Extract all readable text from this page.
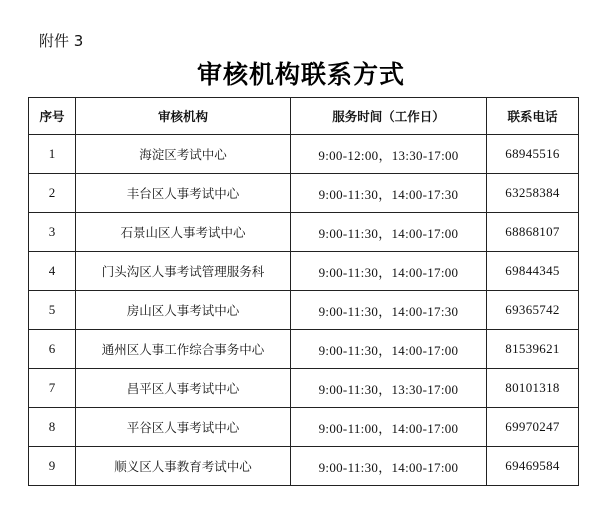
附件 3
审核机构联系方式
序号	审核机构	服务时间（工作日）	联系电话
1	海淀区考试中心	9:00-12:00，13:30-17:00	68945516
2	丰台区人事考试中心	9:00-11:30，14:00-17:30	63258384
3	石景山区人事考试中心	9:00-11:30，14:00-17:00	68868107
4	门头沟区人事考试管理服务科	9:00-11:30，14:00-17:00	69844345
5	房山区人事考试中心	9:00-11:30，14:00-17:30	69365742
6	通州区人事工作综合事务中心	9:00-11:30，14:00-17:00	81539621
7	昌平区人事考试中心	9:00-11:30，13:30-17:00	80101318
8	平谷区人事考试中心	9:00-11:00，14:00-17:00	69970247
9	顺义区人事教育考试中心	9:00-11:30，14:00-17:00	69469584
